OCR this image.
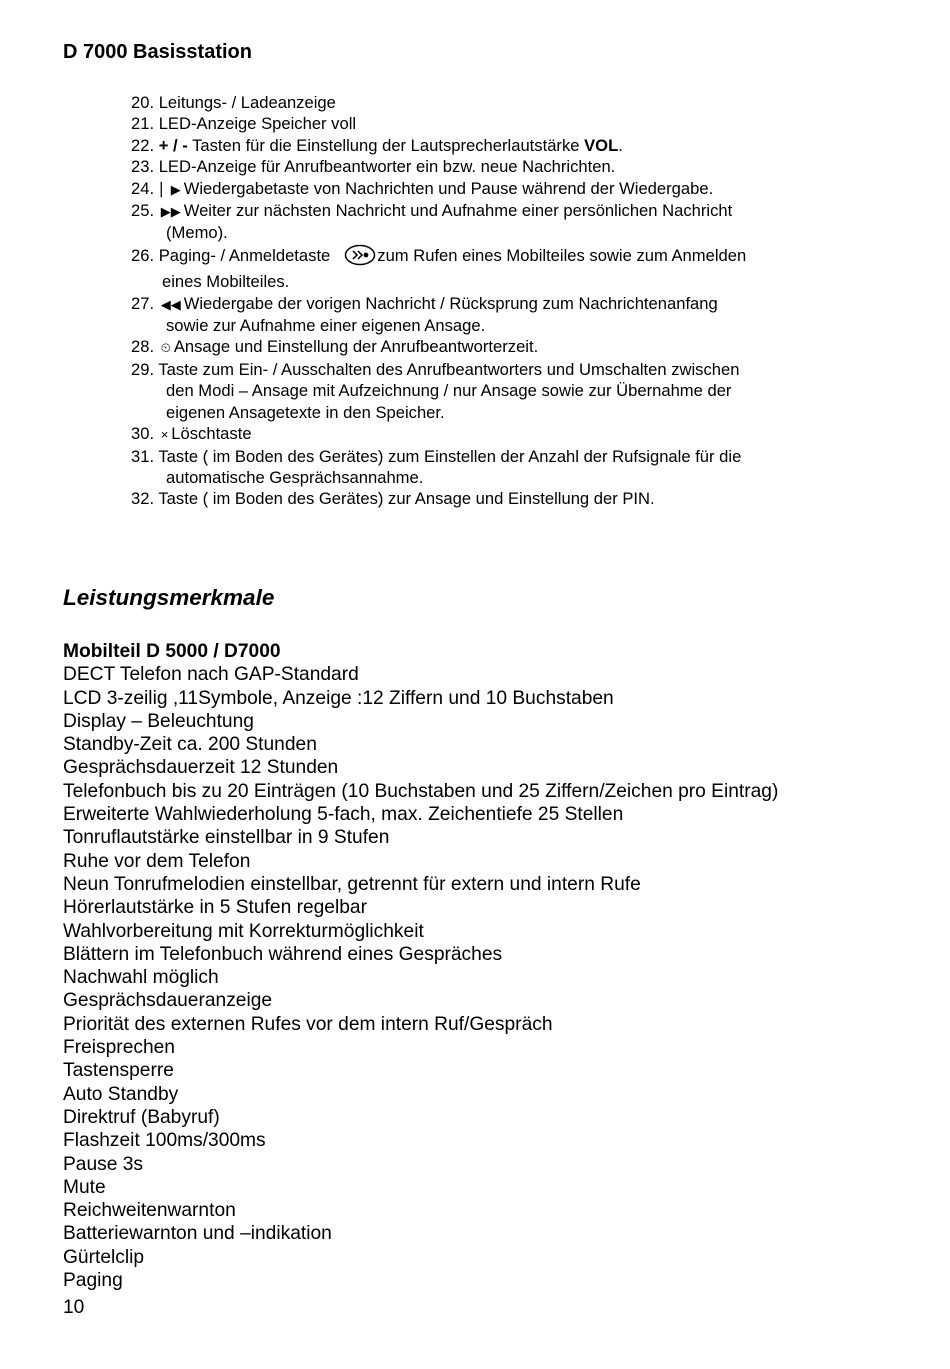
D 7000 Basisstation
20. Leitungs- / Ladeanzeige
21. LED-Anzeige Speicher voll
22. + / - Tasten für die Einstellung der Lautsprecherlautstärke VOL.
23. LED-Anzeige für Anrufbeantworter ein bzw. neue Nachrichten.
24. ▏▶ Wiedergabetaste von Nachrichten und Pause während der Wiedergabe.
25. ▶▶ Weiter zur nächsten Nachricht und Aufnahme einer persönlichen Nachricht
(Memo).
26. Paging- / Anmeldetaste	zum Rufen eines Mobilteiles sowie zum Anmelden
eines Mobilteiles.
27. ◀◀ Wiedergabe der vorigen Nachricht / Rücksprung zum Nachrichtenanfang
sowie zur Aufnahme einer eigenen Ansage.
28. ⏲ Ansage und Einstellung der Anrufbeantworterzeit.
29. Taste zum Ein- / Ausschalten des Anrufbeantworters und Umschalten zwischen
den Modi – Ansage mit Aufzeichnung / nur Ansage sowie zur Übernahme der
eigenen Ansagetexte in den Speicher.
30. × Löschtaste
31. Taste ( im Boden des Gerätes) zum Einstellen der Anzahl der Rufsignale für die
automatische Gesprächsannahme.
32. Taste ( im Boden des Gerätes) zur Ansage und Einstellung der PIN.
Leistungsmerkmale
Mobilteil D 5000 / D7000
DECT Telefon nach GAP-Standard
LCD 3-zeilig ,11Symbole, Anzeige :12 Ziffern und 10 Buchstaben
Display – Beleuchtung
Standby-Zeit ca. 200 Stunden
Gesprächsdauerzeit 12 Stunden
Telefonbuch bis zu 20 Einträgen (10 Buchstaben und 25 Ziffern/Zeichen pro Eintrag)
Erweiterte Wahlwiederholung 5-fach, max. Zeichentiefe 25 Stellen
Tonruflautstärke einstellbar in 9 Stufen
Ruhe vor dem Telefon
Neun Tonrufmelodien einstellbar, getrennt für extern und intern Rufe
Hörerlautstärke in 5 Stufen regelbar
Wahlvorbereitung mit Korrekturmöglichkeit
Blättern im Telefonbuch während eines Gespräches
Nachwahl möglich
Gesprächsdaueranzeige
Priorität des externen Rufes vor dem intern Ruf/Gespräch
Freisprechen
Tastensperre
Auto Standby
Direktruf (Babyruf)
Flashzeit 100ms/300ms
Pause 3s
Mute
Reichweitenwarnton
Batteriewarnton und –indikation
Gürtelclip
Paging
10
